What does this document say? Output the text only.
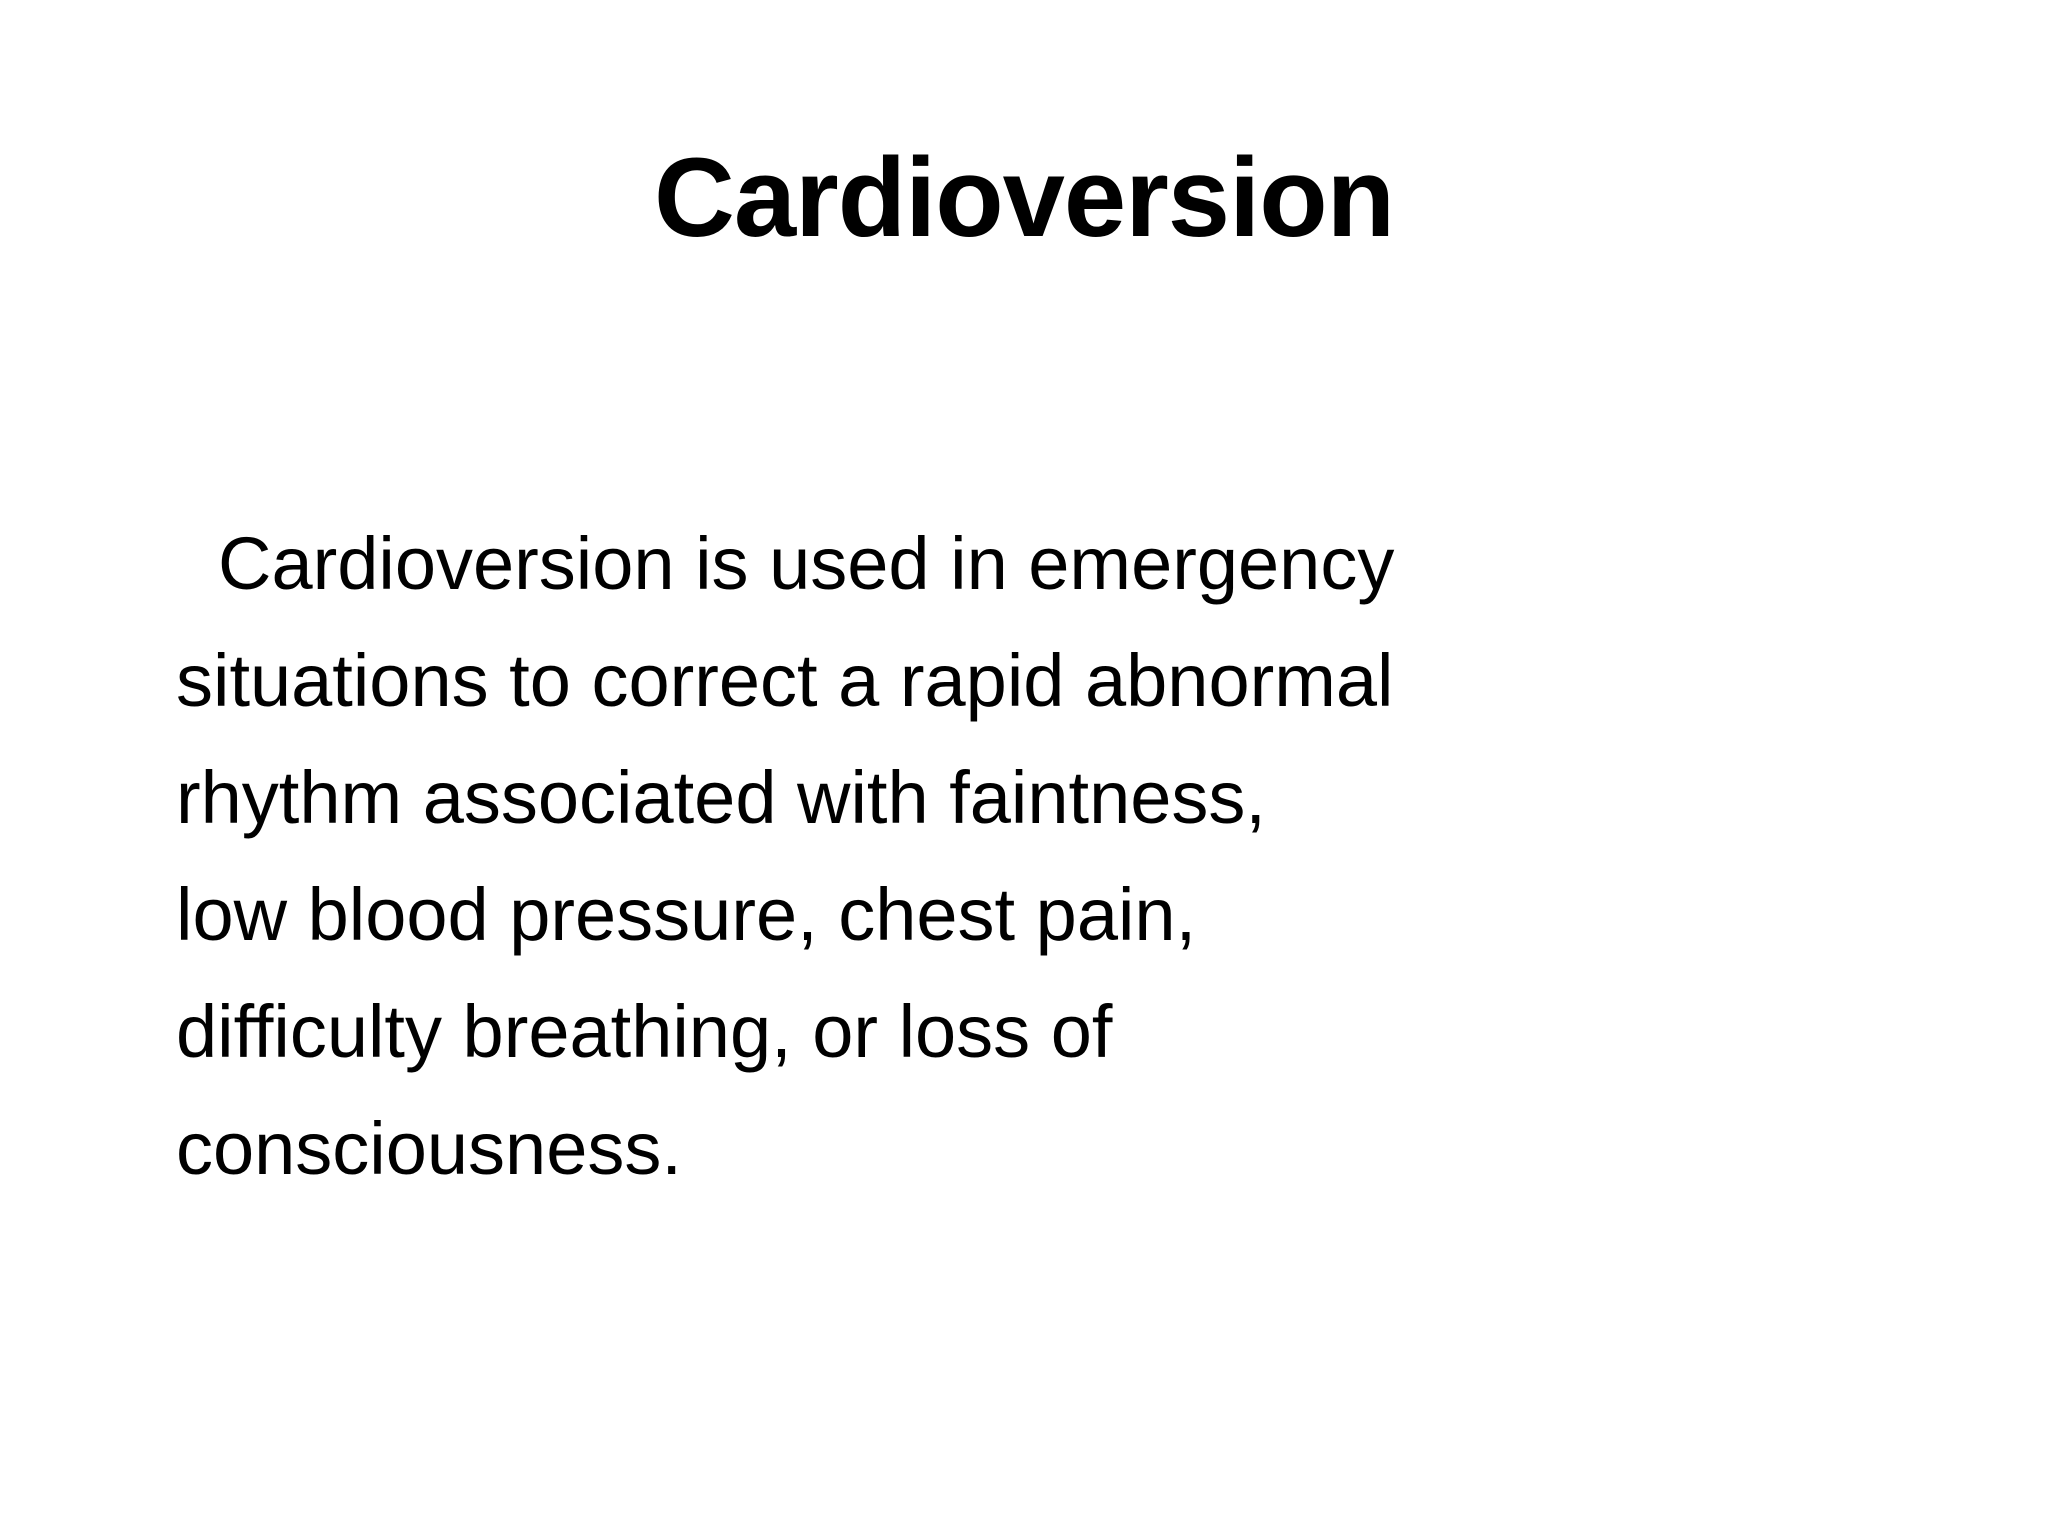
Cardioversion

Cardioversion is used in emergency
situations to correct a rapid abnormal
rhythm associated with faintness,
low blood pressure, chest pain,
difficulty breathing, or loss of
consciousness.
